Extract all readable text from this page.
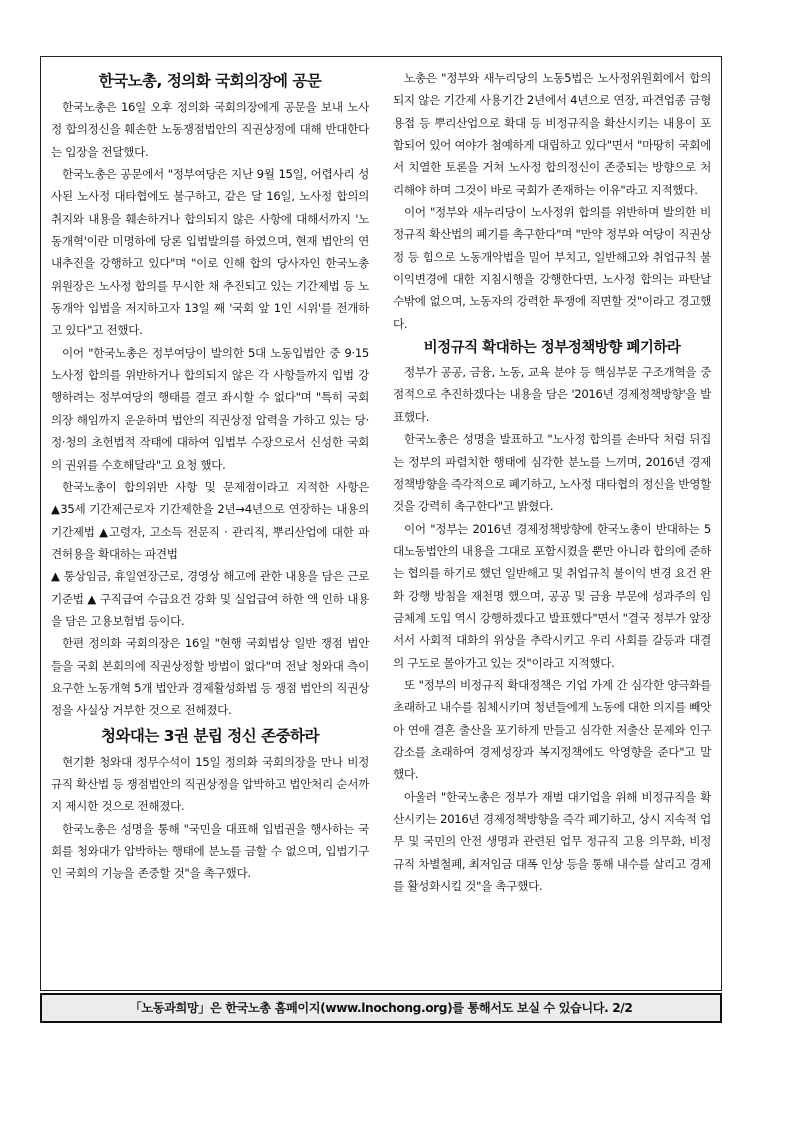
한국노총, 정의화 국회의장에 공문

한국노총은 16일 오후 정의화 국회의장에게 공문을 보내 노사정 합의정신을 훼손한 노동쟁점법안의 직권상정에 대해 반대한다는 입장을 전달했다.

한국노총은 공문에서 "정부여당은 지난 9월 15일, 어렵사리 성사된 노사정 대타협에도 불구하고, 같은 달 16일, 노사정 합의의 취지와 내용을 훼손하거나 합의되지 않은 사항에 대해서까지 '노동개혁'이란 미명하에 당론 입법발의를 하였으며, 현재 법안의 연내추진을 강행하고 있다"며 "이로 인해 합의 당사자인 한국노총 위원장은 노사정 합의를 무시한 채 추진되고 있는 기간제법 등 노동개악 입법을 저지하고자 13일 째 '국회 앞 1인 시위'를 전개하고 있다"고 전했다.

이어 "한국노총은 정부여당이 발의한 5대 노동입법안 중 9·15 노사정 합의를 위반하거나 합의되지 않은 각 사항들까지 입법 강행하려는 정부여당의 행태를 결코 좌시할 수 없다"며 "특히 국회의장 해임까지 운운하며 법안의 직권상정 압력을 가하고 있는 당·정·청의 초헌법적 작태에 대하여 입법부 수장으로서 신성한 국회의 권위를 수호해달라"고 요청 했다.

한국노총이 합의위반 사항 및 문제점이라고 지적한 사항은 ▲35세 기간제근로자 기간제한을 2년→4년으로 연장하는 내용의 기간제법 ▲고령자, 고소득 전문직 · 관리직, 뿌리산업에 대한 파견허용을 확대하는 파견법

▲ 통상임금, 휴일연장근로, 경영상 해고에 관한 내용을 담은 근로기준법 ▲ 구직급여 수급요건 강화 및 실업급여 하한 액 인하 내용을 담은 고용보험법 등이다.

한편 정의화 국회의장은 16일 "현행 국회법상 일반 쟁점 법안들을 국회 본회의에 직권상정할 방법이 없다"며 전날 청와대 측이 요구한 노동개혁 5개 법안과 경제활성화법 등 쟁점 법안의 직권상정을 사실상 거부한 것으로 전해졌다.

청와대는 3권 분립 정신 존중하라

현기환 청와대 정무수석이 15일 정의화 국회의장을 만나 비정규직 확산법 등 쟁점법안의 직권상정을 압박하고 법안처리 순서까지 제시한 것으로 전해졌다.

한국노총은 성명을 통해 "국민을 대표해 입법권을 행사하는 국회를 청와대가 압박하는 행태에 분노를 금할 수 없으며, 입법기구인 국회의 기능을 존중할 것"을 촉구했다.

노총은 "정부와 새누리당의 노동5법은 노사정위원회에서 합의되지 않은 기간제 사용기간 2년에서 4년으로 연장, 파견업종 금형 용접 등 뿌리산업으로 확대 등 비정규직을 확산시키는 내용이 포함되어 있어 여야가 첨예하게 대립하고 있다"면서 "마땅히 국회에서 치열한 토론을 거쳐 노사정 합의정신이 존중되는 방향으로 처리해야 하며 그것이 바로 국회가 존재하는 이유"라고 지적했다.

이어 "정부와 새누리당이 노사정위 합의를 위반하며 발의한 비정규직 확산법의 폐기를 촉구한다"며 "만약 정부와 여당이 직권상정 등 힘으로 노동개악법을 밀어 부치고, 일반해고와 취업규칙 불이익변경에 대한 지침시행을 강행한다면, 노사정 합의는 파탄날 수밖에 없으며, 노동자의 강력한 투쟁에 직면할 것"이라고 경고했다.

비정규직 확대하는 정부정책방향 폐기하라

정부가 공공, 금융, 노동, 교육 분야 등 핵심부문 구조개혁을 중점적으로 추진하겠다는 내용을 담은 '2016년 경제정책방향'을 발표했다.

한국노총은 성명을 발표하고 "노사정 합의를 손바닥 처럼 뒤집는 정부의 파렴치한 행태에 심각한 분노를 느끼며, 2016년 경제정책방향을 즉각적으로 폐기하고, 노사정 대타협의 정신을 반영할 것을 강력히 촉구한다"고 밝혔다.

이어 "정부는 2016년 경제정책방향에 한국노총이 반대하는 5대노동법안의 내용을 그대로 포함시켰을 뿐만 아니라 합의에 준하는 협의를 하기로 했던 일반해고 및 취업규칙 불이익 변경 요건 완화 강행 방침을 재천명 했으며, 공공 및 금융 부문에 성과주의 임금체계 도입 역시 강행하겠다고 발표했다"면서 "결국 정부가 앞장서서 사회적 대화의 위상을 추락시키고 우리 사회를 갈등과 대결의 구도로 몰아가고 있는 것"이라고 지적했다.

또 "정부의 비정규직 확대정책은 기업 가계 간 심각한 양극화를 초래하고 내수를 침체시키며 청년들에게 노동에 대한 의지를 빼앗아 연애 결혼 출산을 포기하게 만들고 심각한 저출산 문제와 인구감소를 초래하여 경제성장과 복지정책에도 악영향을 준다"고 말했다.

아울러 "한국노총은 정부가 재벌 대기업을 위해 비정규직을 확산시키는 2016년 경제정책방향을 즉각 폐기하고, 상시 지속적 업무 및 국민의 안전 생명과 관련된 업무 정규직 고용 의무화, 비정규직 차별철폐, 최저임금 대폭 인상 등을 통해 내수를 살리고 경제를 활성화시킬 것"을 촉구했다.

「노동과희망」은 한국노총 홈페이지(www.lnochong.org)를 통해서도 보실 수 있습니다. 2/2
